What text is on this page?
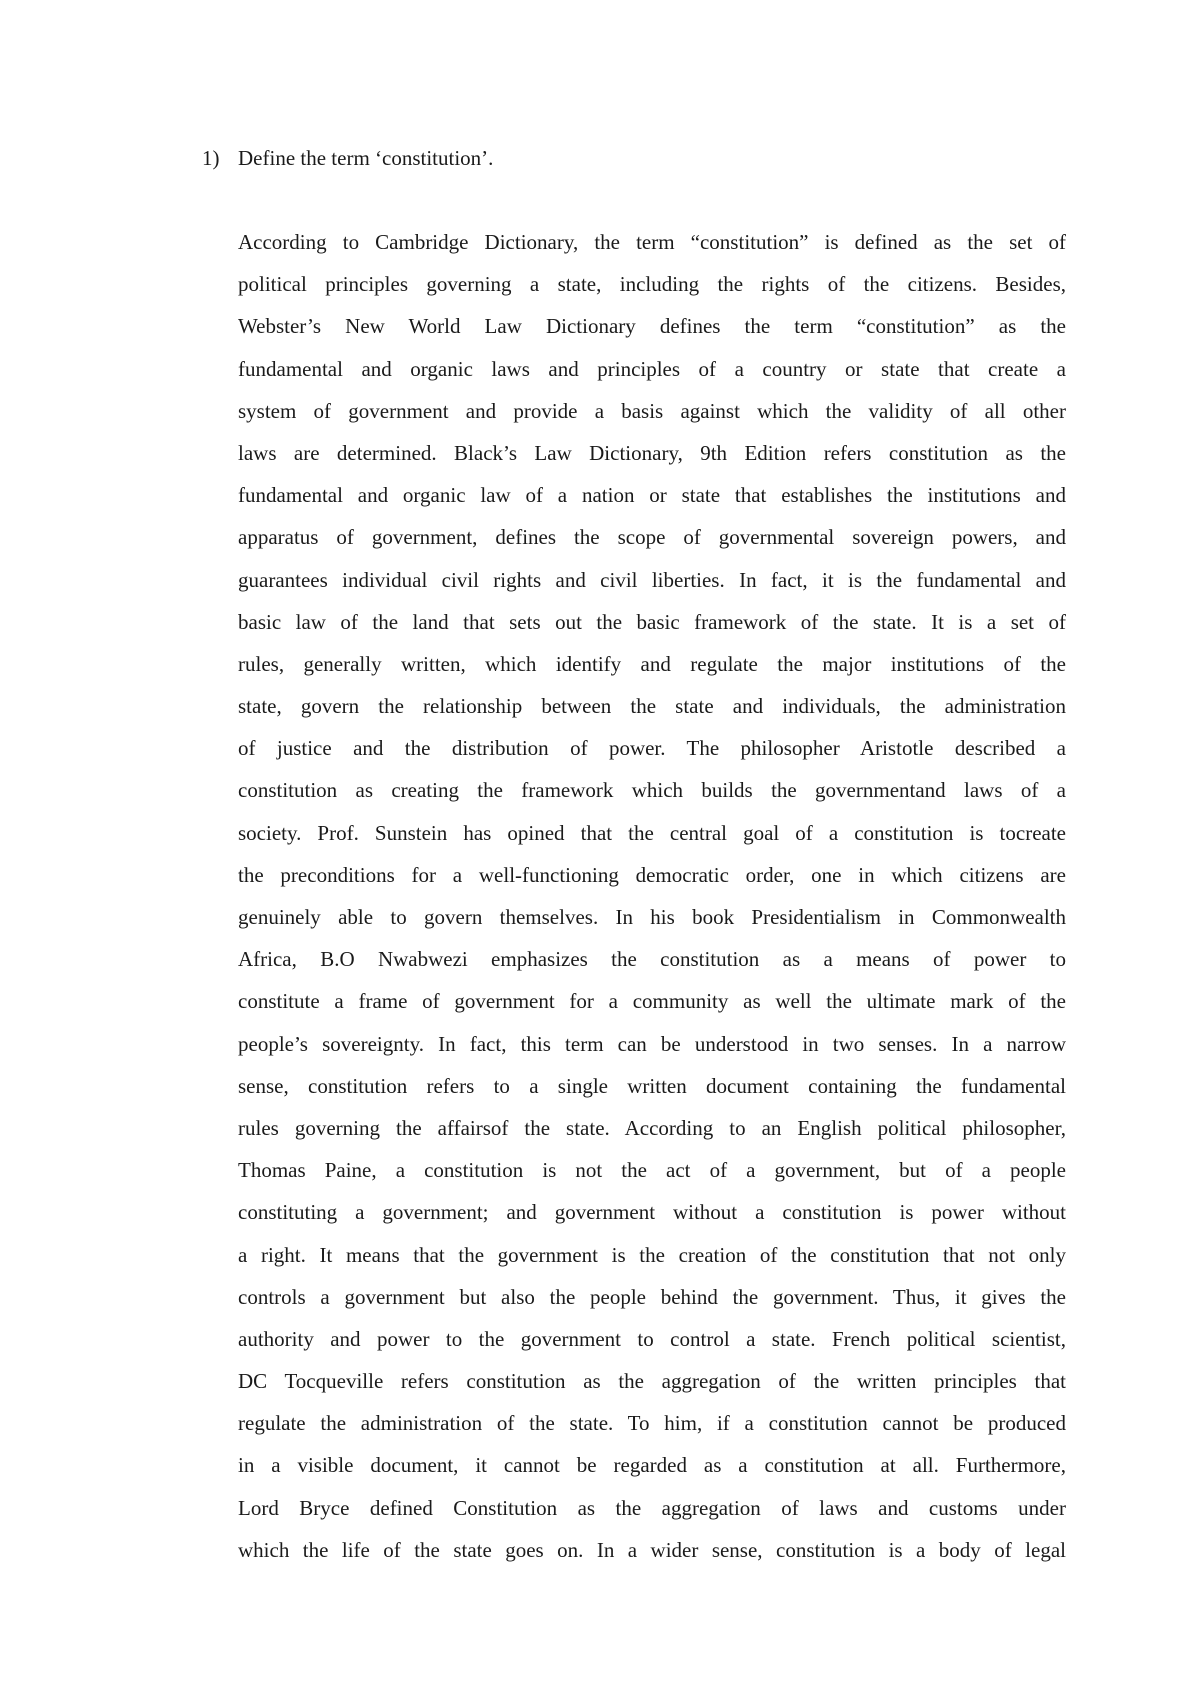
1) Define the term ‘constitution’.
According to Cambridge Dictionary, the term “constitution” is defined as the set of
political principles governing a state, including the rights of the citizens. Besides,
Webster’s New World Law Dictionary defines the term “constitution” as the
fundamental and organic laws and principles of a country or state that create a
system of government and provide a basis against which the validity of all other
laws are determined. Black’s Law Dictionary, 9th Edition refers constitution as the
fundamental and organic law of a nation or state that establishes the institutions and
apparatus of government, defines the scope of governmental sovereign powers, and
guarantees individual civil rights and civil liberties. In fact, it is the fundamental and
basic law of the land that sets out the basic framework of the state. It is a set of
rules, generally written, which identify and regulate the major institutions of the
state, govern the relationship between the state and individuals, the administration
of justice and the distribution of power. The philosopher Aristotle described a
constitution as creating the framework which builds the governmentand laws of a
society. Prof. Sunstein has opined that the central goal of a constitution is tocreate
the preconditions for a well-functioning democratic order, one in which citizens are
genuinely able to govern themselves. In his book Presidentialism in Commonwealth
Africa, B.O Nwabwezi emphasizes the constitution as a means of power to
constitute a frame of government for a community as well the ultimate mark of the
people’s sovereignty. In fact, this term can be understood in two senses. In a narrow
sense, constitution refers to a single written document containing the fundamental
rules governing the affairsof the state. According to an English political philosopher,
Thomas Paine, a constitution is not the act of a government, but of a people
constituting a government; and government without a constitution is power without
a right. It means that the government is the creation of the constitution that not only
controls a government but also the people behind the government. Thus, it gives the
authority and power to the government to control a state. French political scientist,
DC Tocqueville refers constitution as the aggregation of the written principles that
regulate the administration of the state. To him, if a constitution cannot be produced
in a visible document, it cannot be regarded as a constitution at all. Furthermore,
Lord Bryce defined Constitution as the aggregation of laws and customs under
which the life of the state goes on. In a wider sense, constitution is a body of legal
